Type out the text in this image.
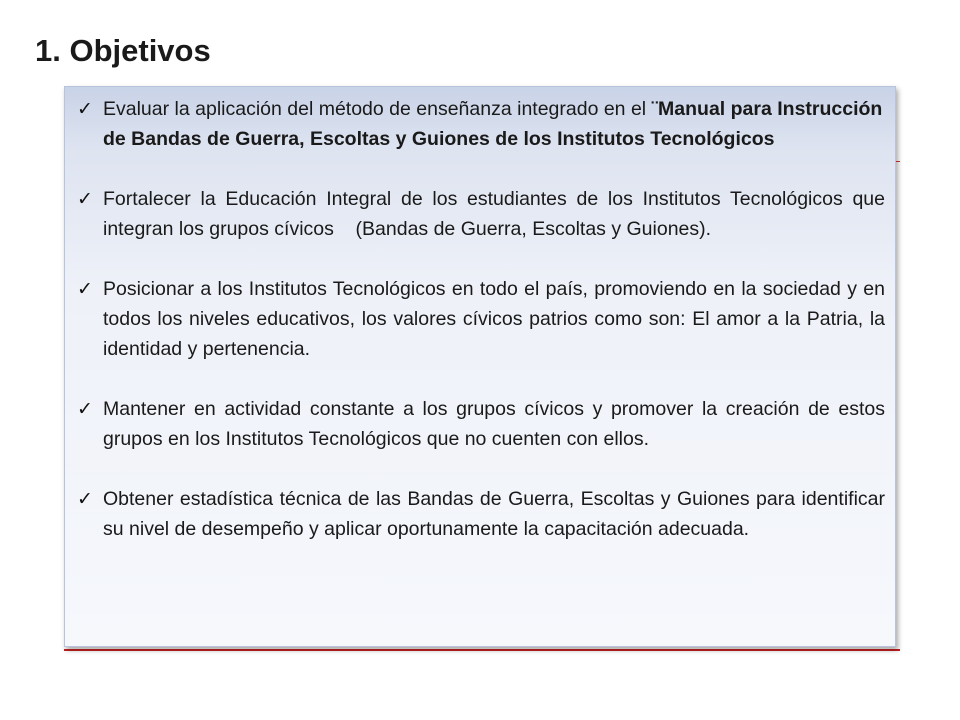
1. Objetivos
✓ Evaluar la aplicación del método de enseñanza integrado en el ¨Manual para Instrucción de Bandas de Guerra, Escoltas y Guiones de los Institutos Tecnológicos

✓ Fortalecer la Educación Integral de los estudiantes de los Institutos Tecnológicos que integran los grupos cívicos    (Bandas de Guerra, Escoltas y Guiones).

✓ Posicionar a los Institutos Tecnológicos en todo el país, promoviendo en la sociedad y en todos los niveles educativos, los valores cívicos patrios como son: El amor a la Patria, la identidad y pertenencia.

✓ Mantener en actividad constante a los grupos cívicos y promover la creación de estos grupos en los Institutos Tecnológicos que no cuenten con ellos.

✓ Obtener estadística técnica de las Bandas de Guerra, Escoltas y Guiones para identificar su nivel de desempeño y aplicar oportunamente la capacitación adecuada.
